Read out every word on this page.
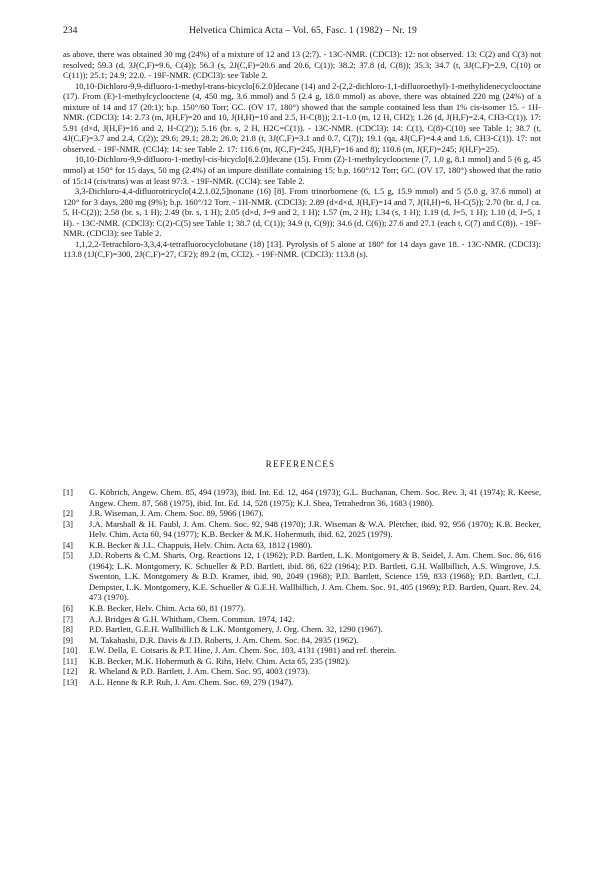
234	Helvetica Chimica Acta – Vol. 65, Fasc. 1 (1982) – Nr. 19

as above, there was obtained 30 mg (24%) of a mixture of 12 and 13 (2:7). - 13C-NMR. (CDCl3): 12: not observed. 13: C(2) and C(3) not resolved; 59.3 (d, 3J(C,F)=9.6, C(4)); 56.3 (s, 2J(C,F)=20.6 and 20.6, C(1)); 38.2; 37.8 (d, C(8)); 35.3; 34.7 (t, 3J(C,F)=2.9, C(10) or C(11)); 25.1; 24.9; 22.0. - 19F-NMR. (CDCl3): see Table 2.

10,10-Dichloro-9,9-difluoro-1-methyl-trans-bicyclo[6.2.0]decane (14) and 2-(2,2-dichloro-1,1-difluoroethyl)-1-methylidenecyclooctane (17). From (E)-1-methylcyclooctene (4, 450 mg, 3.6 mmol) and 5 (2.4 g, 18.0 mmol) as above, there was obtained 220 mg (24%) of a mixture of 14 and 17 (20:1); b.p. 150°/60 Torr; GC. (OV 17, 180°) showed that the sample contained less than 1% cis-isomer 15. - 1H-NMR. (CDCl3): 14: 2.73 (m, J(H,F)=20 and 10, J(H,H)=10 and 2.5, H-C(8)); 2.1-1.0 (m, 12 H, CH2); 1.26 (d, J(H,F)=2.4, CH3-C(1)). 17: 5.91 (d×d, J(H,F)=16 and 2, H-C(2')); 5.16 (br. s, 2 H, H2C=C(1)). - 13C-NMR. (CDCl3): 14: C(1), C(8)-C(10) see Table 1; 38.7 (t, 4J(C,F)=3.7 and 2.4, C(2)); 29.6; 29.1; 28.2; 26.0; 21.8 (t, 3J(C,F)=3.1 and 0.7, C(7)); 19.1 (qa, 4J(C,F)=4.4 and 1.6, CH3-C(1)). 17: not observed. - 19F-NMR. (CCl4): 14: see Table 2. 17: 116.6 (m, J(C,F)=245, J(H,F)=16 and 8); 110.6 (m, J(F,F)=245; J(H,F)=25).

10,10-Dichloro-9,9-difluoro-1-methyl-cis-bicyclo[6.2.0]decane (15). From (Z)-1-methylcyclooctene (7, 1.0 g, 8.1 mmol) and 5 (6 g, 45 mmol) at 150° for 15 days, 50 mg (2.4%) of an impure distillate containing 15; b.p. 160°/12 Torr; GC. (OV 17, 180°) showed that the ratio of 15:14 (cis/trans) was at least 97:3. - 19F-NMR. (CCl4): see Table 2.

3,3-Dichloro-4,4-difluorotricyclo[4.2.1.02,5]nonane (16) [8]. From trinorbornene (6, 1.5 g, 15.9 mmol) and 5 (5.0 g, 37.6 mmol) at 120° for 3 days, 280 mg (9%); b.p. 160°/12 Torr. - 1H-NMR. (CDCl3): 2.89 (d×d×d, J(H,F)=14 and 7, J(H,H)=6, H-C(5)); 2.70 (br. d, J ca. 5, H-C(2)); 2.58 (br. s, 1 H); 2.49 (br. s, 1 H); 2.05 (d×d, J=9 and 2, 1 H); 1.57 (m, 2 H); 1.34 (s, 1 H); 1.19 (d, J=5, 1 H); 1.10 (d, J=5, 1 H). - 13C-NMR. (CDCl3): C(2)-C(5) see Table 1; 38.7 (d, C(1)); 34.9 (t, C(9)); 34.6 (d, C(6)); 27.6 and 27.1 (each t, C(7) and C(8)). - 19F-NMR. (CDCl3): see Table 2.

1,1,2,2-Tetrachloro-3,3,4,4-tetrafluorocyclobutane (18) [13]. Pyrolysis of 5 alone at 180° for 14 days gave 18. - 13C-NMR. (CDCl3): 113.8 (1J(C,F)=300, 2J(C,F)=27, CF2); 89.2 (m, CCl2). - 19F-NMR. (CDCl3): 113.8 (s).

REFERENCES
[1] G. Köbrich, Angew. Chem. 85, 494 (1973), ibid. Int. Ed. 12, 464 (1973); G.L. Buchanan, Chem. Soc. Rev. 3, 41 (1974); R. Keese, Angew. Chem. 87, 568 (1975), ibid. Int. Ed. 14, 528 (1975); K.J. Shea, Tetrahedron 36, 1683 (1980).
[2] J.R. Wiseman, J. Am. Chem. Soc. 89, 5966 (1967).
[3] J.A. Marshall & H. Faubl, J. Am. Chem. Soc. 92, 948 (1970); J.R. Wiseman & W.A. Pletcher, ibid. 92, 956 (1970); K.B. Becker, Helv. Chim. Acta 60, 94 (1977); K.B. Becker & M.K. Hohermuth, ibid. 62, 2025 (1979).
[4] K.B. Becker & J.L. Chappuis, Helv. Chim. Acta 63, 1812 (1980).
[5] J.D. Roberts & C.M. Sharts, Org. Reactions 12, 1 (1962); P.D. Bartlett, L.K. Montgomery & B. Seidel, J. Am. Chem. Soc. 86, 616 (1964); L.K. Montgomery, K. Schueller & P.D. Bartlett, ibid. 86, 622 (1964); P.D. Bartlett, G.H. Wallbillich, A.S. Wingrove, J.S. Swenton, L.K. Montgomery & B.D. Kramer, ibid. 90, 2049 (1968); P.D. Bartlett, Science 159, 833 (1968); P.D. Bartlett, C.J. Dempster, L.K. Montgomery, K.E. Schueller & G.E.H. Wallbillich, J. Am. Chem. Soc. 91, 405 (1969); P.D. Bartlett, Quart. Rev. 24, 473 (1970).
[6] K.B. Becker, Helv. Chim. Acta 60, 81 (1977).
[7] A.J. Bridges & G.H. Whitham, Chem. Commun. 1974, 142.
[8] P.D. Bartlett, G.E.H. Wallbillich & L.K. Montgomery, J. Org. Chem. 32, 1290 (1967).
[9] M. Takahashi, D.R. Davis & J.D. Roberts, J. Am. Chem. Soc. 84, 2935 (1962).
[10] E.W. Della, E. Cotsaris & P.T. Hine, J. Am. Chem. Soc. 103, 4131 (1981) and ref. therein.
[11] K.B. Becker, M.K. Hohermuth & G. Rihs, Helv. Chim. Acta 65, 235 (1982).
[12] R. Wheland & P.D. Bartlett, J. Am. Chem. Soc. 95, 4003 (1973).
[13] A.L. Henne & R.P. Ruh, J. Am. Chem. Soc. 69, 279 (1947).
